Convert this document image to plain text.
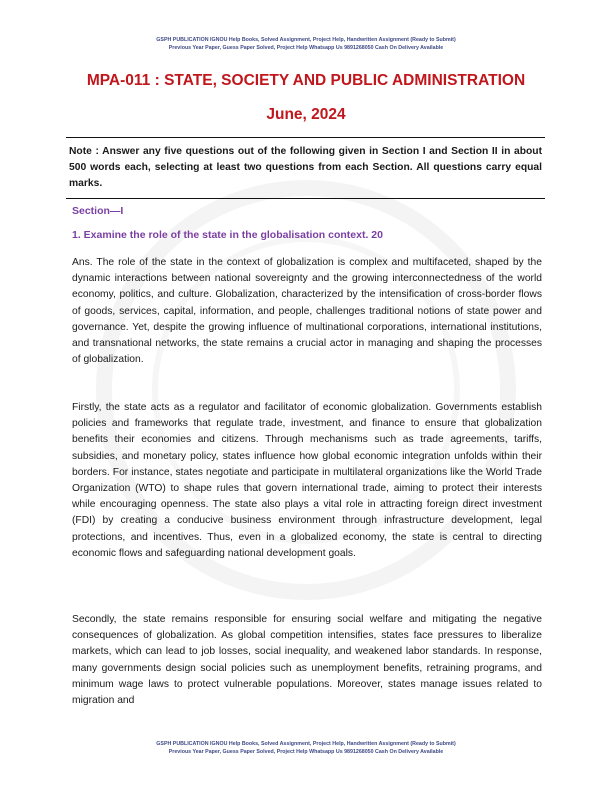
GSPH PUBLICATION IGNOU Help Books, Solved Assignment, Project Help, Handwritten Assignment (Ready to Submit)
Previous Year Paper, Guess Paper Solved, Project Help Whatsapp Us 9891268050 Cash On Delivery Available
MPA-011 : STATE, SOCIETY AND PUBLIC ADMINISTRATION
June, 2024
Note : Answer any five questions out of the following given in Section I and Section II in about 500 words each, selecting at least two questions from each Section. All questions carry equal marks.
Section—I
1. Examine the role of the state in the globalisation context. 20

Ans. The role of the state in the context of globalization is complex and multifaceted, shaped by the dynamic interactions between national sovereignty and the growing interconnectedness of the world economy, politics, and culture. Globalization, characterized by the intensification of cross-border flows of goods, services, capital, information, and people, challenges traditional notions of state power and governance. Yet, despite the growing influence of multinational corporations, international institutions, and transnational networks, the state remains a crucial actor in managing and shaping the processes of globalization.

Firstly, the state acts as a regulator and facilitator of economic globalization. Governments establish policies and frameworks that regulate trade, investment, and finance to ensure that globalization benefits their economies and citizens. Through mechanisms such as trade agreements, tariffs, subsidies, and monetary policy, states influence how global economic integration unfolds within their borders. For instance, states negotiate and participate in multilateral organizations like the World Trade Organization (WTO) to shape rules that govern international trade, aiming to protect their interests while encouraging openness. The state also plays a vital role in attracting foreign direct investment (FDI) by creating a conducive business environment through infrastructure development, legal protections, and incentives. Thus, even in a globalized economy, the state is central to directing economic flows and safeguarding national development goals.

Secondly, the state remains responsible for ensuring social welfare and mitigating the negative consequences of globalization. As global competition intensifies, states face pressures to liberalize markets, which can lead to job losses, social inequality, and weakened labor standards. In response, many governments design social policies such as unemployment benefits, retraining programs, and minimum wage laws to protect vulnerable populations. Moreover, states manage issues related to migration and

GSPH PUBLICATION IGNOU Help Books, Solved Assignment, Project Help, Handwritten Assignment (Ready to Submit)
Previous Year Paper, Guess Paper Solved, Project Help Whatsapp Us 9891268050 Cash On Delivery Available
